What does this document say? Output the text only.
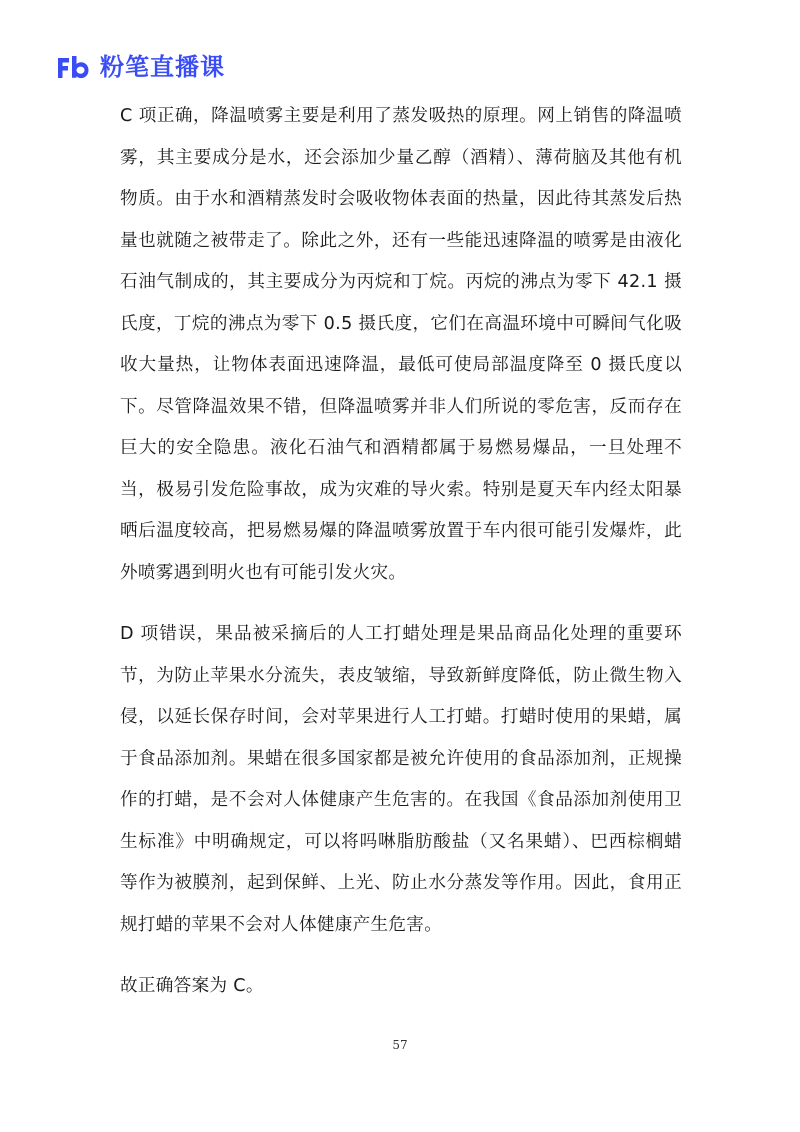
粉笔直播课

C 项正确，降温喷雾主要是利用了蒸发吸热的原理。网上销售的降温喷雾，其主要成分是水，还会添加少量乙醇（酒精）、薄荷脑及其他有机物质。由于水和酒精蒸发时会吸收物体表面的热量，因此待其蒸发后热量也就随之被带走了。除此之外，还有一些能迅速降温的喷雾是由液化石油气制成的，其主要成分为丙烷和丁烷。丙烷的沸点为零下 42.1 摄氏度，丁烷的沸点为零下 0.5 摄氏度，它们在高温环境中可瞬间气化吸收大量热，让物体表面迅速降温，最低可使局部温度降至 0 摄氏度以下。尽管降温效果不错，但降温喷雾并非人们所说的零危害，反而存在巨大的安全隐患。液化石油气和酒精都属于易燃易爆品，一旦处理不当，极易引发危险事故，成为灾难的导火索。特别是夏天车内经太阳暴晒后温度较高，把易燃易爆的降温喷雾放置于车内很可能引发爆炸，此外喷雾遇到明火也有可能引发火灾。

D 项错误，果品被采摘后的人工打蜡处理是果品商品化处理的重要环节，为防止苹果水分流失，表皮皱缩，导致新鲜度降低，防止微生物入侵，以延长保存时间，会对苹果进行人工打蜡。打蜡时使用的果蜡，属于食品添加剂。果蜡在很多国家都是被允许使用的食品添加剂，正规操作的打蜡，是不会对人体健康产生危害的。在我国《食品添加剂使用卫生标准》中明确规定，可以将吗啉脂肪酸盐（又名果蜡）、巴西棕榈蜡等作为被膜剂，起到保鲜、上光、防止水分蒸发等作用。因此，食用正规打蜡的苹果不会对人体健康产生危害。

故正确答案为 C。

57
